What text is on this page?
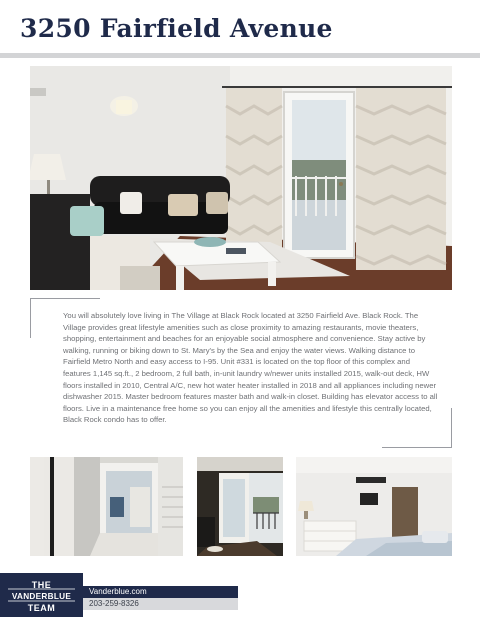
3250 Fairfield Avenue

You will absolutely love living in The Village at Black Rock located at 3250 Fairfield Ave. Black Rock. The Village provides great lifestyle amenities such as close proximity to amazing restaurants, movie theaters, shopping, entertainment and beaches for an enjoyable social atmosphere and convenience. Stay active by walking, running or biking down to St. Mary's by the Sea and enjoy the water views. Walking distance to Fairfield Metro North and easy access to I-95. Unit #331 is located on the top floor of this complex and features 1,145 sq.ft., 2 bedroom, 2 full bath, in-unit laundry w/newer units installed 2015, walk-out deck, HW floors installed in 2010, Central A/C, new hot water heater installed in 2018 and all appliances including newer dishwasher 2015. Master bedroom features master bath and walk-in closet. Building has elevator access to all floors. Live in a maintenance free home so you can enjoy all the amenities and lifestyle this centrally located, Black Rock condo has to offer.

THE
VANDERBLUE
TEAM
Vanderblue.com
203-259-8326
